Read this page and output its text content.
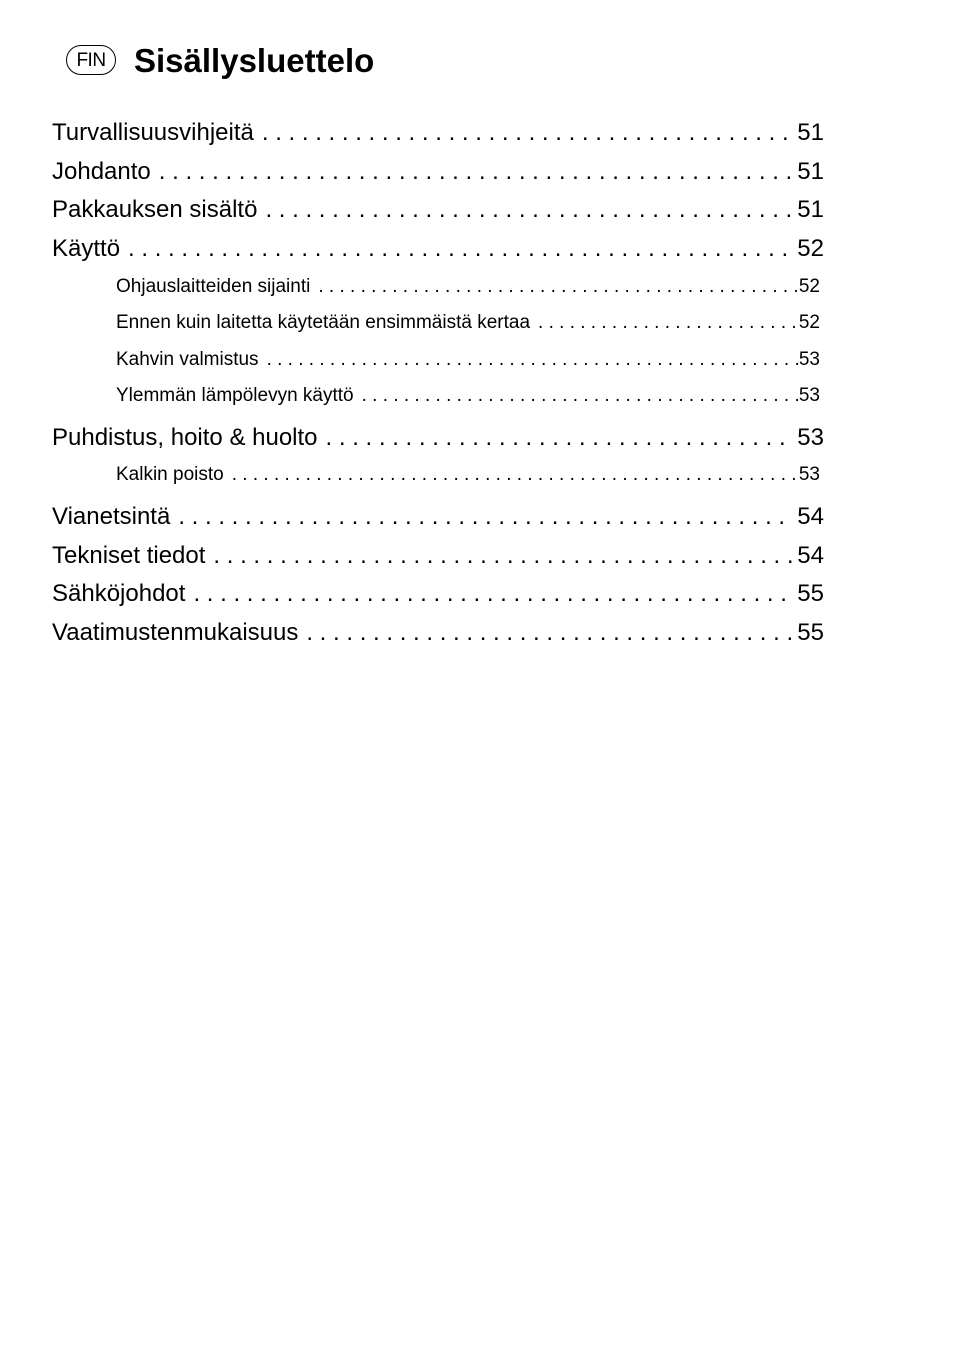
FIN Sisällysluettelo
Turvallisuusvihjeitä . . .	51
Johdanto . . .	51
Pakkauksen sisältö . . .	51
Käyttö . . .	52
Ohjauslaitteiden sijainti . . .	52
Ennen kuin laitetta käytetään ensimmäistä kertaa . . .	52
Kahvin valmistus . . .	53
Ylemmän lämpölevyn käyttö . . .	53
Puhdistus, hoito & huolto . . .	53
Kalkin poisto . . .	53
Vianetsintä . . .	54
Tekniset tiedot . . .	54
Sähköjohdot . . .	55
Vaatimustenmukaisuus . . .	55
